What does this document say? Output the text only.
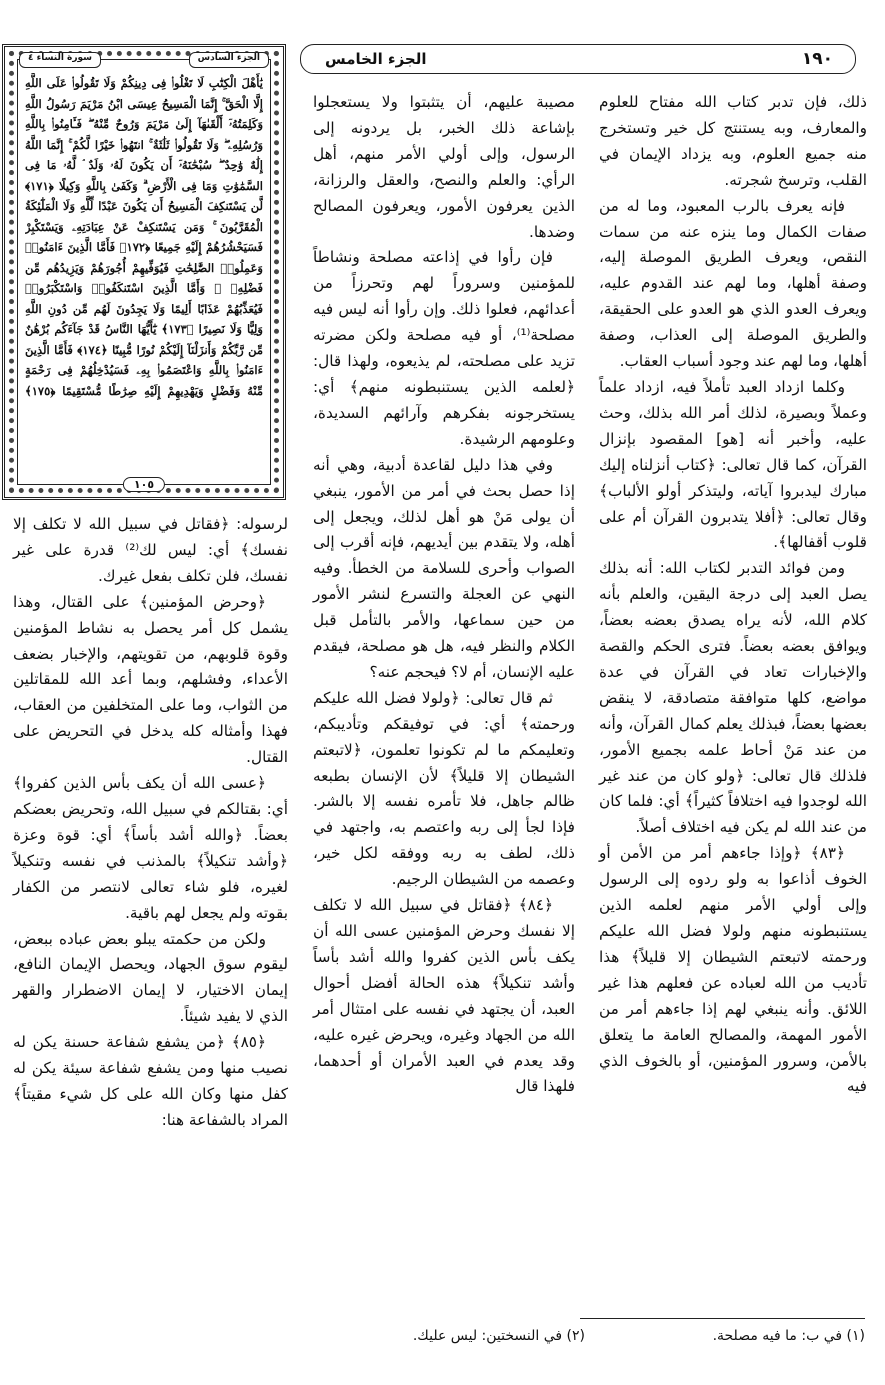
١٩٠
الجزء الخامس
الجزء السادس
سورة النساء ٤
يَٰأَهْلَ الْكِتَٰبِ لَا تَغْلُوا۟ فِى دِينِكُمْ وَلَا تَقُولُوا۟ عَلَى اللَّهِ إِلَّا الْحَقَّ ۚ إِنَّمَا الْمَسِيحُ عِيسَى ابْنُ مَرْيَمَ رَسُولُ اللَّهِ وَكَلِمَتُهُۥٓ أَلْقَىٰهَآ إِلَىٰ مَرْيَمَ وَرُوحٌ مِّنْهُ ۖ فَـَٔامِنُوا۟ بِاللَّهِ وَرُسُلِهِۦ ۖ وَلَا تَقُولُوا۟ ثَلَٰثَةٌ ۚ انتَهُوا۟ خَيْرًا لَّكُمْ ۚ إِنَّمَا اللَّهُ إِلَٰهٌ وَٰحِدٌ ۖ سُبْحَٰنَهُۥٓ أَن يَكُونَ لَهُۥ وَلَدٌ ۘ لَّهُۥ مَا فِى السَّمَٰوَٰتِ وَمَا فِى الْأَرْضِ ۗ وَكَفَىٰ بِاللَّهِ وَكِيلًا ﴿١٧١﴾ لَّن يَسْتَنكِفَ الْمَسِيحُ أَن يَكُونَ عَبْدًا لِّلَّهِ وَلَا الْمَلَٰٓئِكَةُ الْمُقَرَّبُونَ ۚ وَمَن يَسْتَنكِفْ عَنْ عِبَادَتِهِۦ وَيَسْتَكْبِرْ فَسَيَحْشُرُهُمْ إِلَيْهِ جَمِيعًا ﴿١٧٢﴾ فَأَمَّا الَّذِينَ ءَامَنُوا۟ وَعَمِلُوا۟ الصَّٰلِحَٰتِ فَيُوَفِّيهِمْ أُجُورَهُمْ وَيَزِيدُهُم مِّن فَضْلِهِۦ ۖ وَأَمَّا الَّذِينَ اسْتَنكَفُوا۟ وَاسْتَكْبَرُوا۟ فَيُعَذِّبُهُمْ عَذَابًا أَلِيمًا وَلَا يَجِدُونَ لَهُم مِّن دُونِ اللَّهِ وَلِيًّا وَلَا نَصِيرًا ﴿١٧٣﴾ يَٰٓأَيُّهَا النَّاسُ قَدْ جَآءَكُم بُرْهَٰنٌ مِّن رَّبِّكُمْ وَأَنزَلْنَآ إِلَيْكُمْ نُورًا مُّبِينًا ﴿١٧٤﴾ فَأَمَّا الَّذِينَ ءَامَنُوا۟ بِاللَّهِ وَاعْتَصَمُوا۟ بِهِۦ فَسَيُدْخِلُهُمْ فِى رَحْمَةٍ مِّنْهُ وَفَضْلٍ وَيَهْدِيهِمْ إِلَيْهِ صِرَٰطًا مُّسْتَقِيمًا ﴿١٧٥﴾
١٠٥

ذلك، فإن تدبر كتاب الله مفتاح للعلوم والمعارف، وبه يستنتج كل خير وتستخرج منه جميع العلوم، وبه يزداد الإيمان في القلب، وترسخ شجرته.

فإنه يعرف بالرب المعبود، وما له من صفات الكمال وما ينزه عنه من سمات النقص، ويعرف الطريق الموصلة إليه، وصفة أهلها، وما لهم عند القدوم عليه، ويعرف العدو الذي هو العدو على الحقيقة، والطريق الموصلة إلى العذاب، وصفة أهلها، وما لهم عند وجود أسباب العقاب.

وكلما ازداد العبد تأملاً فيه، ازداد علماً وعملاً وبصيرة، لذلك أمر الله بذلك، وحث عليه، وأخبر أنه [هو] المقصود بإنزال القرآن، كما قال تعالى: ﴿كتاب أنزلناه إليك مبارك ليدبروا آياته، وليتذكر أولو الألباب﴾ وقال تعالى: ﴿أفلا يتدبرون القرآن أم على قلوب أقفالها﴾.

ومن فوائد التدبر لكتاب الله: أنه بذلك يصل العبد إلى درجة اليقين، والعلم بأنه كلام الله، لأنه يراه يصدق بعضه بعضاً، ويوافق بعضه بعضاً. فترى الحكم والقصة والإخبارات تعاد في القرآن في عدة مواضع، كلها متوافقة متصادقة، لا ينقض بعضها بعضاً، فبذلك يعلم كمال القرآن، وأنه من عند مَنْ أحاط علمه بجميع الأمور، فلذلك قال تعالى: ﴿ولو كان من عند غير الله لوجدوا فيه اختلافاً كثيراً﴾ أي: فلما كان من عند الله لم يكن فيه اختلاف أصلاً.

﴿٨٣﴾ ﴿وإذا جاءهم أمر من الأمن أو الخوف أذاعوا به ولو ردوه إلى الرسول وإلى أولي الأمر منهم لعلمه الذين يستنبطونه منهم ولولا فضل الله عليكم ورحمته لاتبعتم الشيطان إلا قليلاً﴾ هذا تأديب من الله لعباده عن فعلهم هذا غير اللائق. وأنه ينبغي لهم إذا جاءهم أمر من الأمور المهمة، والمصالح العامة ما يتعلق بالأمن، وسرور المؤمنين، أو بالخوف الذي فيه

مصيبة عليهم، أن يتثبتوا ولا يستعجلوا بإشاعة ذلك الخبر، بل يردونه إلى الرسول، وإلى أولي الأمر منهم، أهل الرأي: والعلم والنصح، والعقل والرزانة، الذين يعرفون الأمور، ويعرفون المصالح وضدها.

فإن رأوا في إذاعته مصلحة ونشاطاً للمؤمنين وسروراً لهم وتحرزاً من أعدائهم، فعلوا ذلك. وإن رأوا أنه ليس فيه مصلحة⁽¹⁾، أو فيه مصلحة ولكن مضرته تزيد على مصلحته، لم يذيعوه، ولهذا قال: ﴿لعلمه الذين يستنبطونه منهم﴾ أي: يستخرجونه بفكرهم وآرائهم السديدة، وعلومهم الرشيدة.

وفي هذا دليل لقاعدة أدبية، وهي أنه إذا حصل بحث في أمر من الأمور، ينبغي أن يولى مَنْ هو أهل لذلك، ويجعل إلى أهله، ولا يتقدم بين أيديهم، فإنه أقرب إلى الصواب وأحرى للسلامة من الخطأ. وفيه النهي عن العجلة والتسرع لنشر الأمور من حين سماعها، والأمر بالتأمل قبل الكلام والنظر فيه، هل هو مصلحة، فيقدم عليه الإنسان، أم لا؟ فيحجم عنه؟

ثم قال تعالى: ﴿ولولا فضل الله عليكم ورحمته﴾ أي: في توفيقكم وتأديبكم، وتعليمكم ما لم تكونوا تعلمون، ﴿لاتبعتم الشيطان إلا قليلاً﴾ لأن الإنسان بطبعه ظالم جاهل، فلا تأمره نفسه إلا بالشر. فإذا لجأ إلى ربه واعتصم به، واجتهد في ذلك، لطف به ربه ووفقه لكل خير، وعصمه من الشيطان الرجيم.

﴿٨٤﴾ ﴿فقاتل في سبيل الله لا تكلف إلا نفسك وحرض المؤمنين عسى الله أن يكف بأس الذين كفروا والله أشد بأساً وأشد تنكيلاً﴾ هذه الحالة أفضل أحوال العبد، أن يجتهد في نفسه على امتثال أمر الله من الجهاد وغيره، ويحرض غيره عليه، وقد يعدم في العبد الأمران أو أحدهما، فلهذا قال

لرسوله: ﴿فقاتل في سبيل الله لا تكلف إلا نفسك﴾ أي: ليس لك⁽²⁾ قدرة على غير نفسك، فلن تكلف بفعل غيرك.

﴿وحرض المؤمنين﴾ على القتال، وهذا يشمل كل أمر يحصل به نشاط المؤمنين وقوة قلوبهم، من تقويتهم، والإخبار بضعف الأعداء، وفشلهم، وبما أعد الله للمقاتلين من الثواب، وما على المتخلفين من العقاب، فهذا وأمثاله كله يدخل في التحريض على القتال.

﴿عسى الله أن يكف بأس الذين كفروا﴾ أي: بقتالكم في سبيل الله، وتحريض بعضكم بعضاً. ﴿والله أشد بأساً﴾ أي: قوة وعزة ﴿وأشد تنكيلاً﴾ بالمذنب في نفسه وتنكيلاً لغيره، فلو شاء تعالى لانتصر من الكفار بقوته ولم يجعل لهم باقية.

ولكن من حكمته يبلو بعض عباده ببعض، ليقوم سوق الجهاد، ويحصل الإيمان النافع، إيمان الاختيار، لا إيمان الاضطرار والقهر الذي لا يفيد شيئاً.

﴿٨٥﴾ ﴿من يشفع شفاعة حسنة يكن له نصيب منها ومن يشفع شفاعة سيئة يكن له كفل منها وكان الله على كل شيء مقيتاً﴾ المراد بالشفاعة هنا:

(١) في ب: ما فيه مصلحة.
(٢) في النسختين: ليس عليك.
